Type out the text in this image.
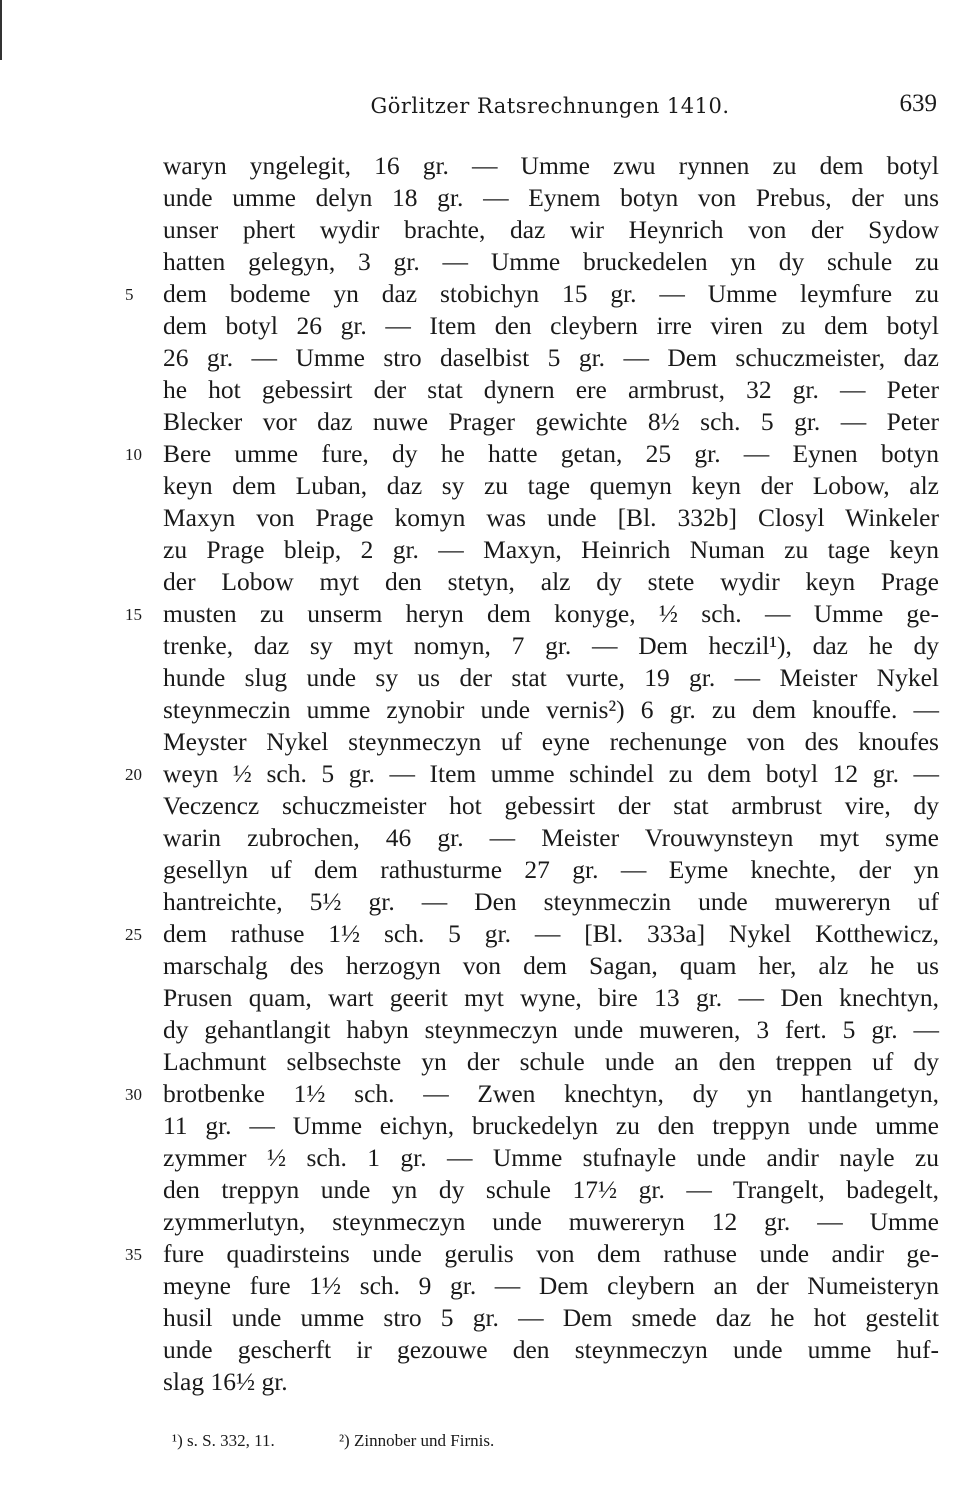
Görlitzer Ratsrechnungen 1410.	639
waryn yngelegit, 16 gr. — Umme zwu rynnen zu dem botyl
unde umme delyn 18 gr. — Eynem botyn von Prebus, der uns
unser phert wydir brachte, daz wir Heynrich von der Sydow
hatten gelegyn, 3 gr. — Umme bruckedelen yn dy schule zu
5	dem bodeme yn daz stobichyn 15 gr. — Umme leymfure zu
dem botyl 26 gr. — Item den cleybern irre viren zu dem botyl
26 gr. — Umme stro daselbist 5 gr. — Dem schuczmeister, daz
he hot gebessirt der stat dynern ere armbrust, 32 gr. — Peter
Blecker vor daz nuwe Prager gewichte 8½ sch. 5 gr. — Peter
10 Bere umme fure, dy he hatte getan, 25 gr. — Eynen botyn
keyn dem Luban, daz sy zu tage quemyn keyn der Lobow, alz
Maxyn von Prage komyn was unde [Bl. 332b] Closyl Winkeler
zu Prage bleip, 2 gr. — Maxyn, Heinrich Numan zu tage keyn
der Lobow myt den stetyn, alz dy stete wydir keyn Prage
15 musten zu unserm heryn dem konyge, ½ sch. — Umme ge-
trenke, daz sy myt nomyn, 7 gr. — Dem heczil¹), daz he dy
hunde slug unde sy us der stat vurte, 19 gr. — Meister Nykel
steynmeczin umme zynobir unde vernis²) 6 gr. zu dem knouffe. —
Meyster Nykel steynmeczyn uf eyne rechenunge von des knoufes
20 weyn ½ sch. 5 gr. — Item umme schindel zu dem botyl 12 gr. —
Veczencz schuczmeister hot gebessirt der stat armbrust vire, dy
warin zubrochen, 46 gr. — Meister Vrouwynsteyn myt syme
gesellyn uf dem rathusturme 27 gr. — Eyme knechte, der yn
hantreichte, 5½ gr. — Den steynmeczin unde muwereryn uf
25 dem rathuse 1½ sch. 5 gr. — [Bl. 333a] Nykel Kotthewicz,
marschalg des herzogyn von dem Sagan, quam her, alz he us
Prusen quam, wart geerit myt wyne, bire 13 gr. — Den knechtyn,
dy gehantlangit habyn steynmeczyn unde muweren, 3 fert. 5 gr. —
Lachmunt selbsechste yn der schule unde an den treppen uf dy
30 brotbenke 1½ sch. — Zwen knechtyn, dy yn hantlangetyn,
11 gr. — Umme eichyn, bruckedelyn zu den treppyn unde umme
zymmer ½ sch. 1 gr. — Umme stufnayle unde andir nayle zu
den treppyn unde yn dy schule 17½ gr. — Trangelt, badegelt,
zymmerlutyn, steynmeczyn unde muwereryn 12 gr. — Umme
35 fure quadirsteins unde gerulis von dem rathuse unde andir ge-
meyne fure 1½ sch. 9 gr. — Dem cleybern an der Numeisteryn
husil unde umme stro 5 gr. — Dem smede daz he hot gestelit
unde gescherft ir gezouwe den steynmeczyn unde umme huf-
slag 16½ gr.
¹) s. S. 332, 11.	²) Zinnober und Firnis.
